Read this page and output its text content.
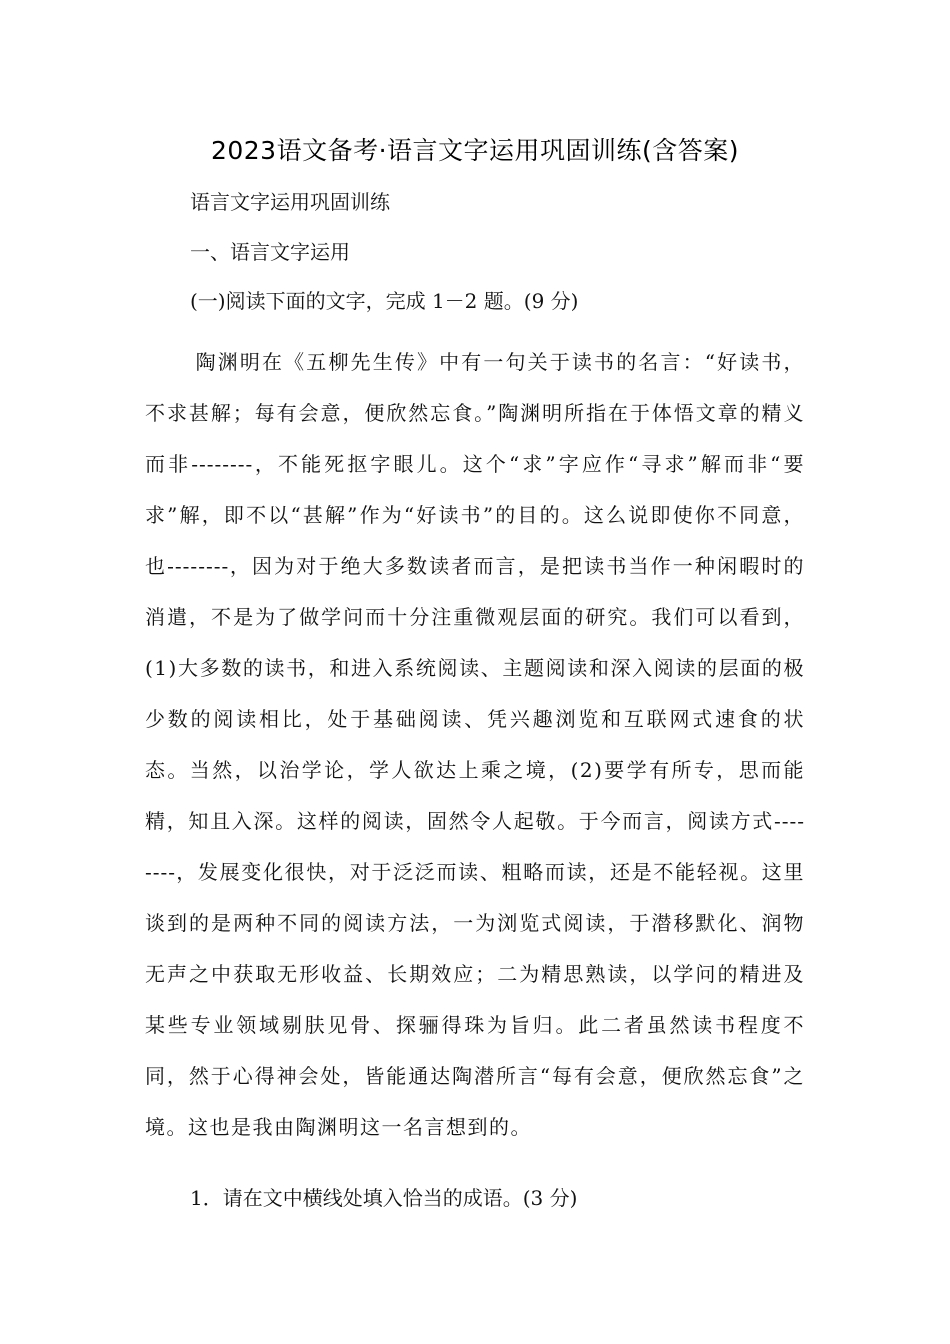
2023语文备考·语言文字运用巩固训练(含答案)
语言文字运用巩固训练
一、语言文字运用
(一)阅读下面的文字，完成 1－2 题。(9 分)
陶渊明在《五柳先生传》中有一句关于读书的名言：“好读书，不求甚解；每有会意，便欣然忘食。”陶渊明所指在于体悟文章的精义而非--------，不能死抠字眼儿。这个“求”字应作“寻求”解而非“要求”解，即不以“甚解”作为“好读书”的目的。这么说即使你不同意，也--------，因为对于绝大多数读者而言，是把读书当作一种闲暇时的消遣，不是为了做学问而十分注重微观层面的研究。我们可以看到，(1)大多数的读书，和进入系统阅读、主题阅读和深入阅读的层面的极少数的阅读相比，处于基础阅读、凭兴趣浏览和互联网式速食的状态。当然，以治学论，学人欲达上乘之境，(2)要学有所专，思而能精，知且入深。这样的阅读，固然令人起敬。于今而言，阅读方式--------，发展变化很快，对于泛泛而读、粗略而读，还是不能轻视。这里谈到的是两种不同的阅读方法，一为浏览式阅读，于潜移默化、润物无声之中获取无形收益、长期效应；二为精思熟读，以学问的精进及某些专业领域剔肤见骨、探骊得珠为旨归。此二者虽然读书程度不同，然于心得神会处，皆能通达陶潜所言“每有会意，便欣然忘食”之境。这也是我由陶渊明这一名言想到的。
1．请在文中横线处填入恰当的成语。(3 分)
